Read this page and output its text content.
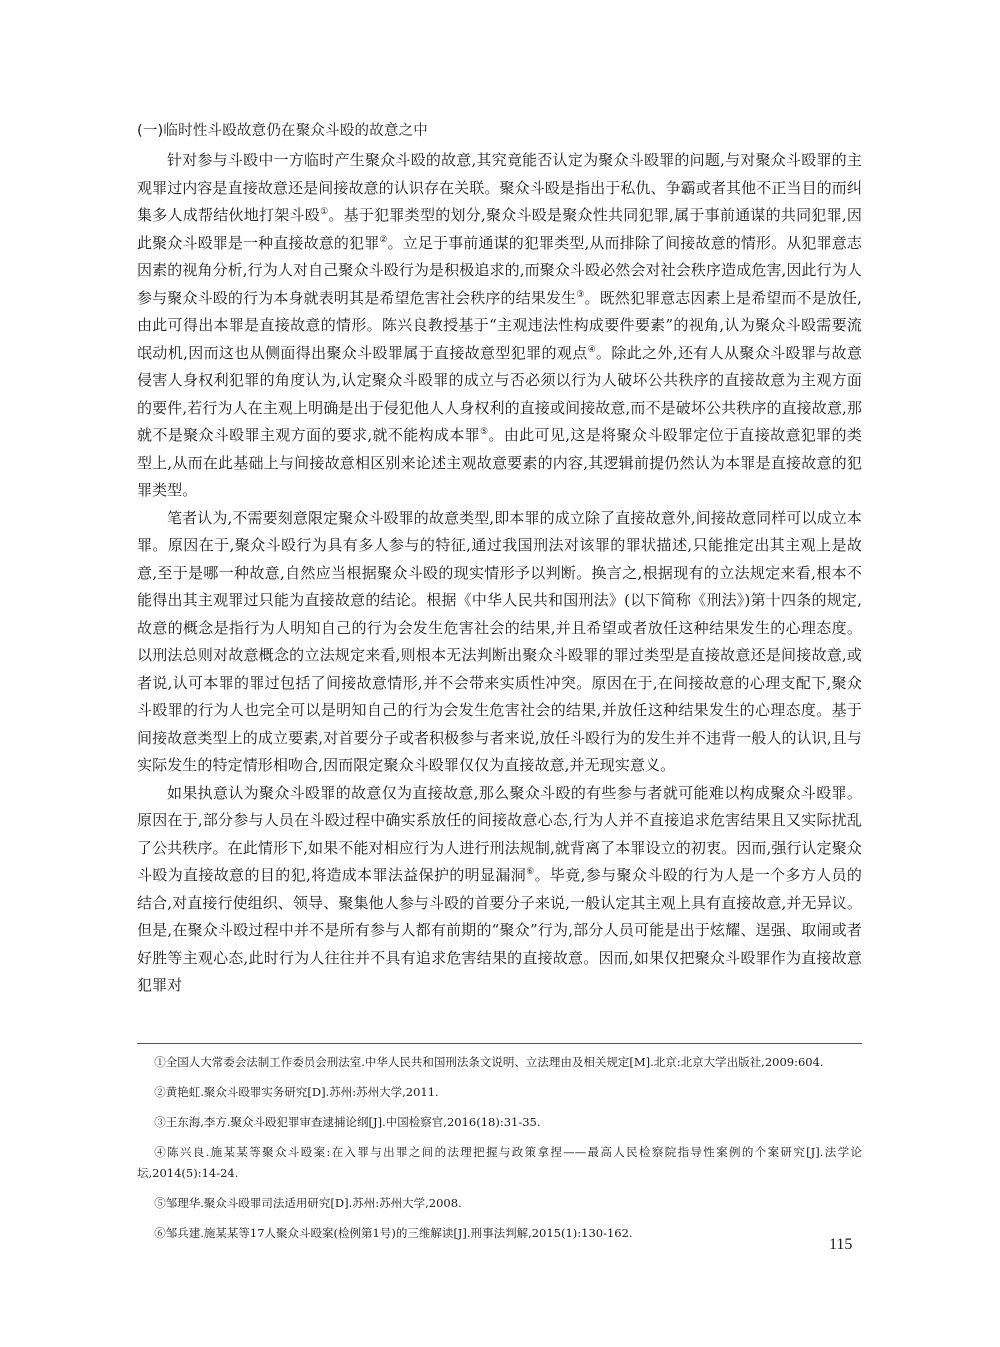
(一)临时性斗殴故意仍在聚众斗殴的故意之中

针对参与斗殴中一方临时产生聚众斗殴的故意,其究竟能否认定为聚众斗殴罪的问题,与对聚众斗殴罪的主观罪过内容是直接故意还是间接故意的认识存在关联。聚众斗殴是指出于私仇、争霸或者其他不正当目的而纠集多人成帮结伙地打架斗殴①。基于犯罪类型的划分,聚众斗殴是聚众性共同犯罪,属于事前通谋的共同犯罪,因此聚众斗殴罪是一种直接故意的犯罪②。立足于事前通谋的犯罪类型,从而排除了间接故意的情形。从犯罪意志因素的视角分析,行为人对自己聚众斗殴行为是积极追求的,而聚众斗殴必然会对社会秩序造成危害,因此行为人参与聚众斗殴的行为本身就表明其是希望危害社会秩序的结果发生③。既然犯罪意志因素上是希望而不是放任,由此可得出本罪是直接故意的情形。陈兴良教授基于“主观违法性构成要件要素”的视角,认为聚众斗殴需要流氓动机,因而这也从侧面得出聚众斗殴罪属于直接故意型犯罪的观点④。除此之外,还有人从聚众斗殴罪与故意侵害人身权利犯罪的角度认为,认定聚众斗殴罪的成立与否必须以行为人破坏公共秩序的直接故意为主观方面的要件,若行为人在主观上明确是出于侵犯他人人身权利的直接或间接故意,而不是破坏公共秩序的直接故意,那就不是聚众斗殴罪主观方面的要求,就不能构成本罪⑤。由此可见,这是将聚众斗殴罪定位于直接故意犯罪的类型上,从而在此基础上与间接故意相区别来论述主观故意要素的内容,其逻辑前提仍然认为本罪是直接故意的犯罪类型。

笔者认为,不需要刻意限定聚众斗殴罪的故意类型,即本罪的成立除了直接故意外,间接故意同样可以成立本罪。原因在于,聚众斗殴行为具有多人参与的特征,通过我国刑法对该罪的罪状描述,只能推定出其主观上是故意,至于是哪一种故意,自然应当根据聚众斗殴的现实情形予以判断。换言之,根据现有的立法规定来看,根本不能得出其主观罪过只能为直接故意的结论。根据《中华人民共和国刑法》(以下简称《刑法》)第十四条的规定,故意的概念是指行为人明知自己的行为会发生危害社会的结果,并且希望或者放任这种结果发生的心理态度。以刑法总则对故意概念的立法规定来看,则根本无法判断出聚众斗殴罪的罪过类型是直接故意还是间接故意,或者说,认可本罪的罪过包括了间接故意情形,并不会带来实质性冲突。原因在于,在间接故意的心理支配下,聚众斗殴罪的行为人也完全可以是明知自己的行为会发生危害社会的结果,并放任这种结果发生的心理态度。基于间接故意类型上的成立要素,对首要分子或者积极参与者来说,放任斗殴行为的发生并不违背一般人的认识,且与实际发生的特定情形相吻合,因而限定聚众斗殴罪仅仅为直接故意,并无现实意义。

如果执意认为聚众斗殴罪的故意仅为直接故意,那么聚众斗殴的有些参与者就可能难以构成聚众斗殴罪。原因在于,部分参与人员在斗殴过程中确实系放任的间接故意心态,行为人并不直接追求危害结果且又实际扰乱了公共秩序。在此情形下,如果不能对相应行为人进行刑法规制,就背离了本罪设立的初衷。因而,强行认定聚众斗殴为直接故意的目的犯,将造成本罪法益保护的明显漏洞⑥。毕竟,参与聚众斗殴的行为人是一个多方人员的结合,对直接行使组织、领导、聚集他人参与斗殴的首要分子来说,一般认定其主观上具有直接故意,并无异议。但是,在聚众斗殴过程中并不是所有参与人都有前期的“聚众”行为,部分人员可能是出于炫耀、逞强、取闹或者好胜等主观心态,此时行为人往往并不具有追求危害结果的直接故意。因而,如果仅把聚众斗殴罪作为直接故意犯罪对

①全国人大常委会法制工作委员会刑法室.中华人民共和国刑法条文说明、立法理由及相关规定[M].北京:北京大学出版社,2009:604.

②黄艳虹.聚众斗殴罪实务研究[D].苏州:苏州大学,2011.

③王东海,李方.聚众斗殴犯罪审查逮捕论纲[J].中国检察官,2016(18):31-35.

④陈兴良.施某某等聚众斗殴案:在入罪与出罪之间的法理把握与政策拿捏——最高人民检察院指导性案例的个案研究[J].法学论坛,2014(5):14-24.

⑤邹理华.聚众斗殴罪司法适用研究[D].苏州:苏州大学,2008.

⑥邹兵建.施某某等17人聚众斗殴案(检例第1号)的三维解读[J].刑事法判解,2015(1):130-162.

115
